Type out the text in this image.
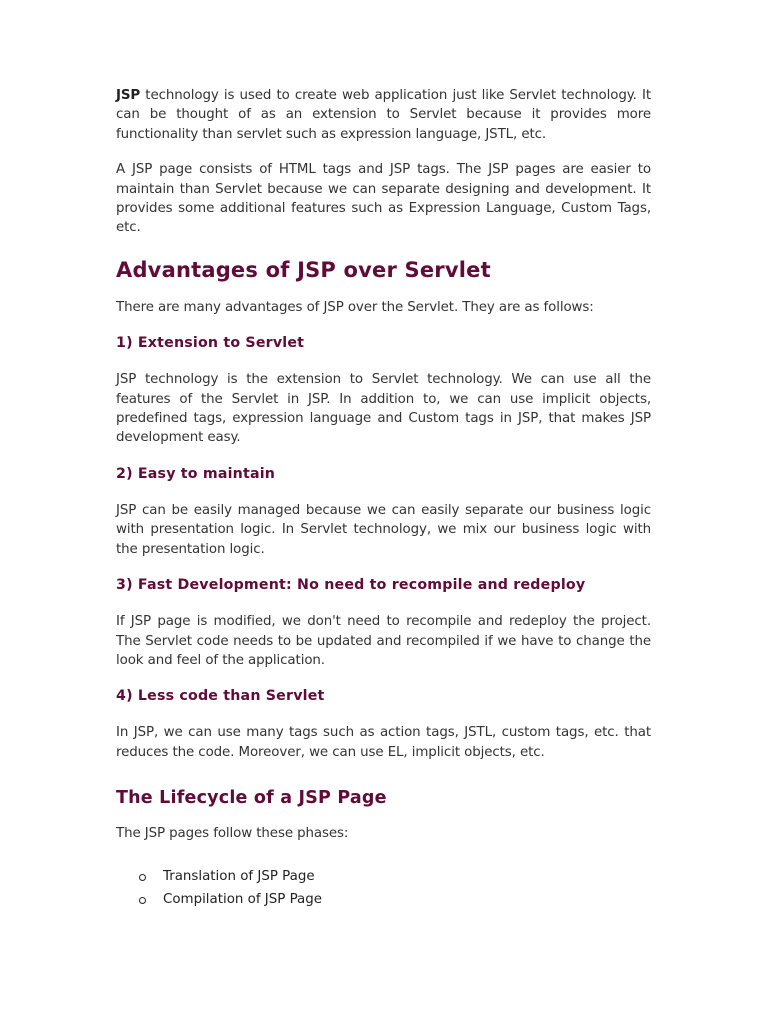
JSP technology is used to create web application just like Servlet technology. It can be thought of as an extension to Servlet because it provides more functionality than servlet such as expression language, JSTL, etc.

A JSP page consists of HTML tags and JSP tags. The JSP pages are easier to maintain than Servlet because we can separate designing and development. It provides some additional features such as Expression Language, Custom Tags, etc.

Advantages of JSP over Servlet

There are many advantages of JSP over the Servlet. They are as follows:

1) Extension to Servlet

JSP technology is the extension to Servlet technology. We can use all the features of the Servlet in JSP. In addition to, we can use implicit objects, predefined tags, expression language and Custom tags in JSP, that makes JSP development easy.

2) Easy to maintain

JSP can be easily managed because we can easily separate our business logic with presentation logic. In Servlet technology, we mix our business logic with the presentation logic.

3) Fast Development: No need to recompile and redeploy

If JSP page is modified, we don't need to recompile and redeploy the project. The Servlet code needs to be updated and recompiled if we have to change the look and feel of the application.

4) Less code than Servlet

In JSP, we can use many tags such as action tags, JSTL, custom tags, etc. that reduces the code. Moreover, we can use EL, implicit objects, etc.

The Lifecycle of a JSP Page

The JSP pages follow these phases:

Translation of JSP Page
Compilation of JSP Page
